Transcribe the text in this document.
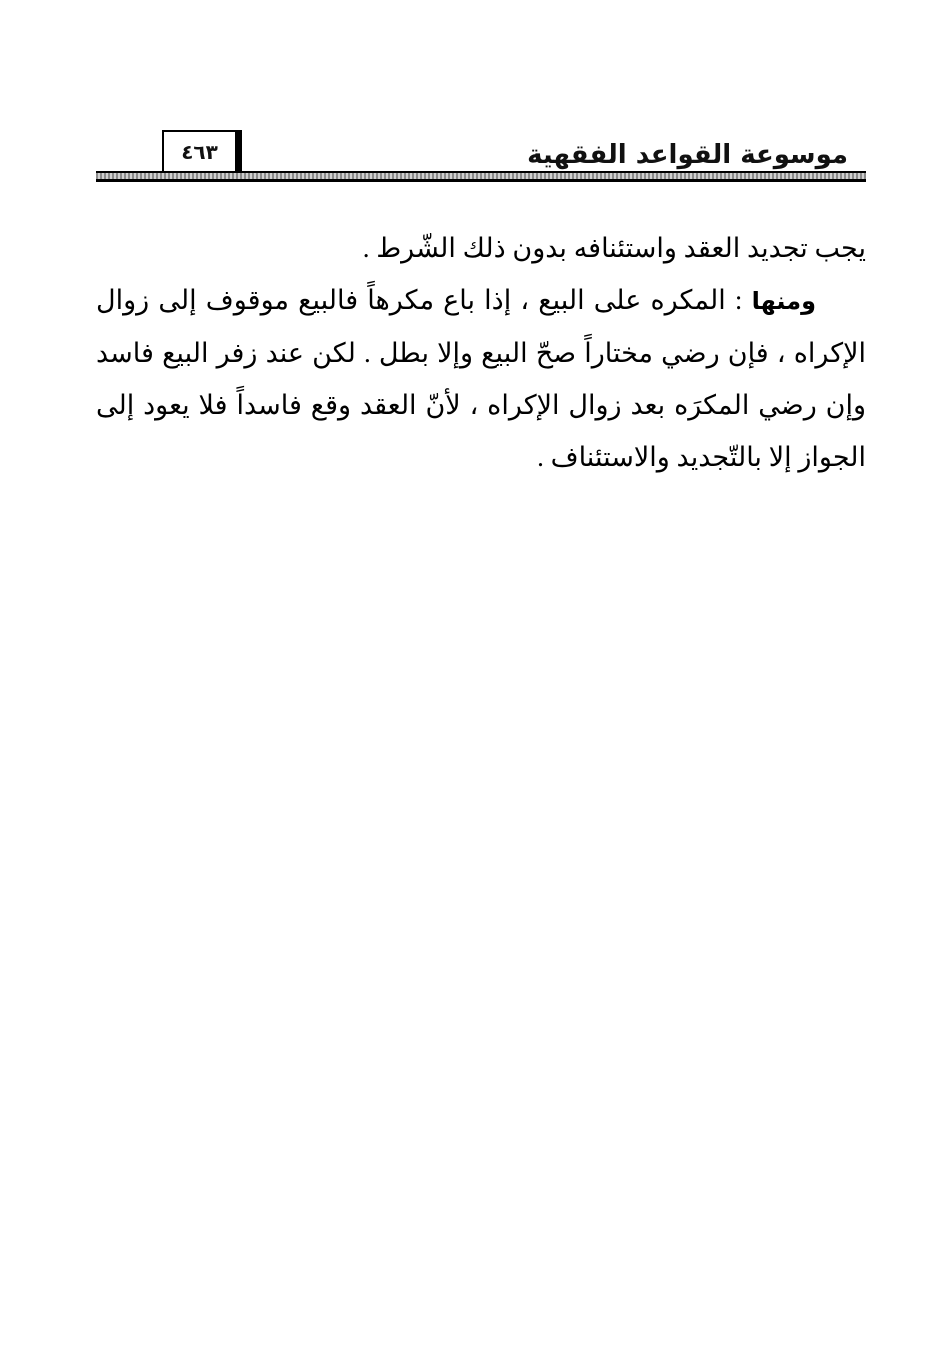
موسوعة القواعد الفقهية
٤٦٣

يجب تجديد العقد واستئنافه بدون ذلك الشّرط .

ومنها : المكره على البيع ، إذا باع مكرهاً فالبيع موقوف إلى زوال الإكراه ، فإن رضي مختاراً صحّ البيع وإلا بطل . لكن عند زفر البيع فاسد وإن رضي المكرَه بعد زوال الإكراه ، لأنّ العقد وقع فاسداً فلا يعود إلى الجواز إلا بالتّجديد والاستئناف .
